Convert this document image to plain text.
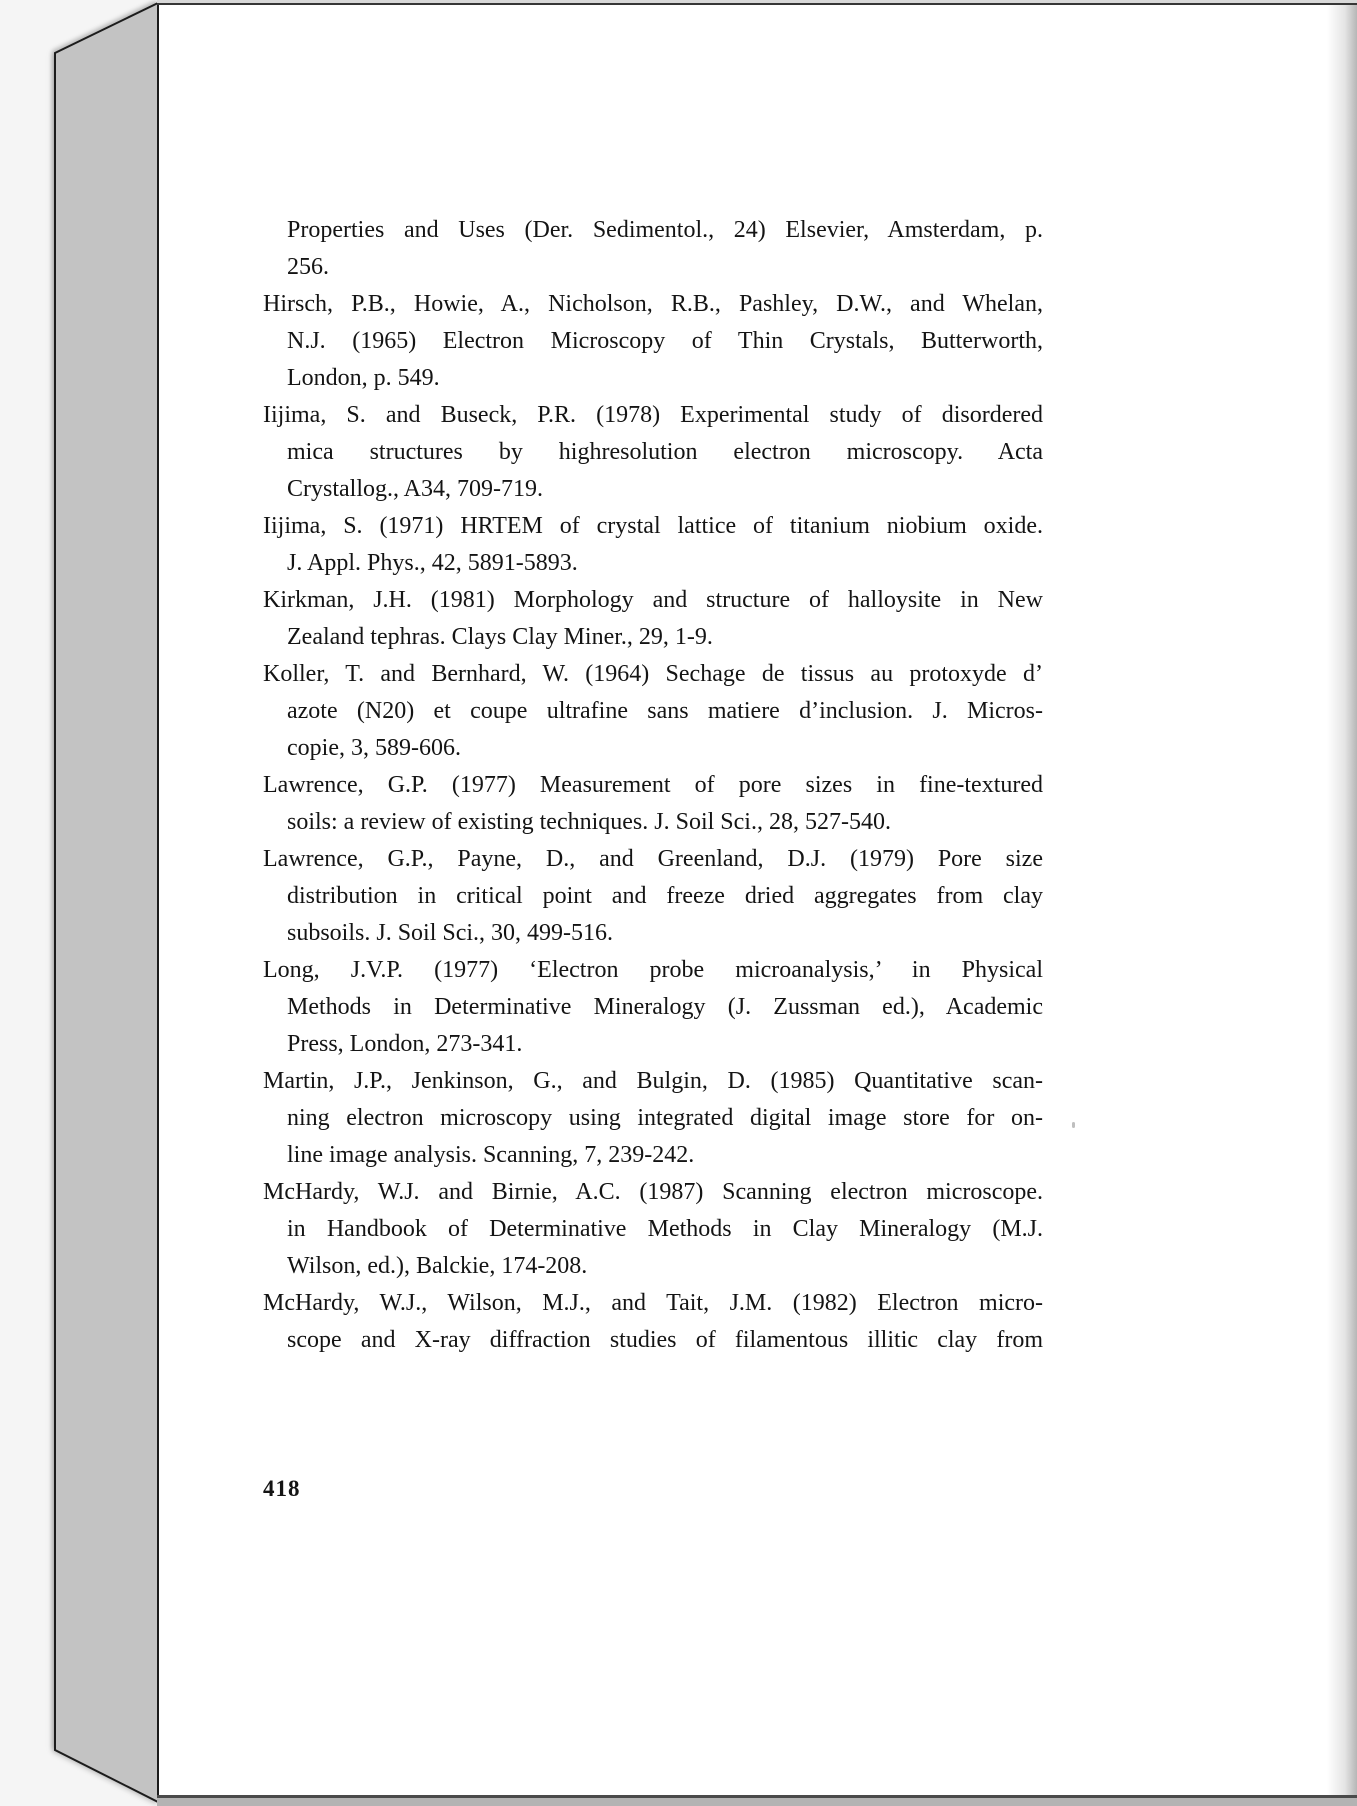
Properties and Uses (Der. Sedimentol., 24) Elsevier, Amsterdam, p.
256.
Hirsch, P.B., Howie, A., Nicholson, R.B., Pashley, D.W., and Whelan,
N.J. (1965) Electron Microscopy of Thin Crystals, Butterworth,
London, p. 549.
Iijima, S. and Buseck, P.R. (1978) Experimental study of disordered
mica structures by highresolution electron microscopy. Acta
Crystallog., A34, 709-719.
Iijima, S. (1971) HRTEM of crystal lattice of titanium niobium oxide.
J. Appl. Phys., 42, 5891-5893.
Kirkman, J.H. (1981) Morphology and structure of halloysite in New
Zealand tephras. Clays Clay Miner., 29, 1-9.
Koller, T. and Bernhard, W. (1964) Sechage de tissus au protoxyde d’
azote (N20) et coupe ultrafine sans matiere d’inclusion. J. Micros-
copie, 3, 589-606.
Lawrence, G.P. (1977) Measurement of pore sizes in fine-textured
soils: a review of existing techniques. J. Soil Sci., 28, 527-540.
Lawrence, G.P., Payne, D., and Greenland, D.J. (1979) Pore size
distribution in critical point and freeze dried aggregates from clay
subsoils. J. Soil Sci., 30, 499-516.
Long, J.V.P. (1977) ‘Electron probe microanalysis,’ in Physical
Methods in Determinative Mineralogy (J. Zussman ed.), Academic
Press, London, 273-341.
Martin, J.P., Jenkinson, G., and Bulgin, D. (1985) Quantitative scan-
ning electron microscopy using integrated digital image store for on-
line image analysis. Scanning, 7, 239-242.
McHardy, W.J. and Birnie, A.C. (1987) Scanning electron microscope.
in Handbook of Determinative Methods in Clay Mineralogy (M.J.
Wilson, ed.), Balckie, 174-208.
McHardy, W.J., Wilson, M.J., and Tait, J.M. (1982) Electron micro-
scope and X-ray diffraction studies of filamentous illitic clay from
418
